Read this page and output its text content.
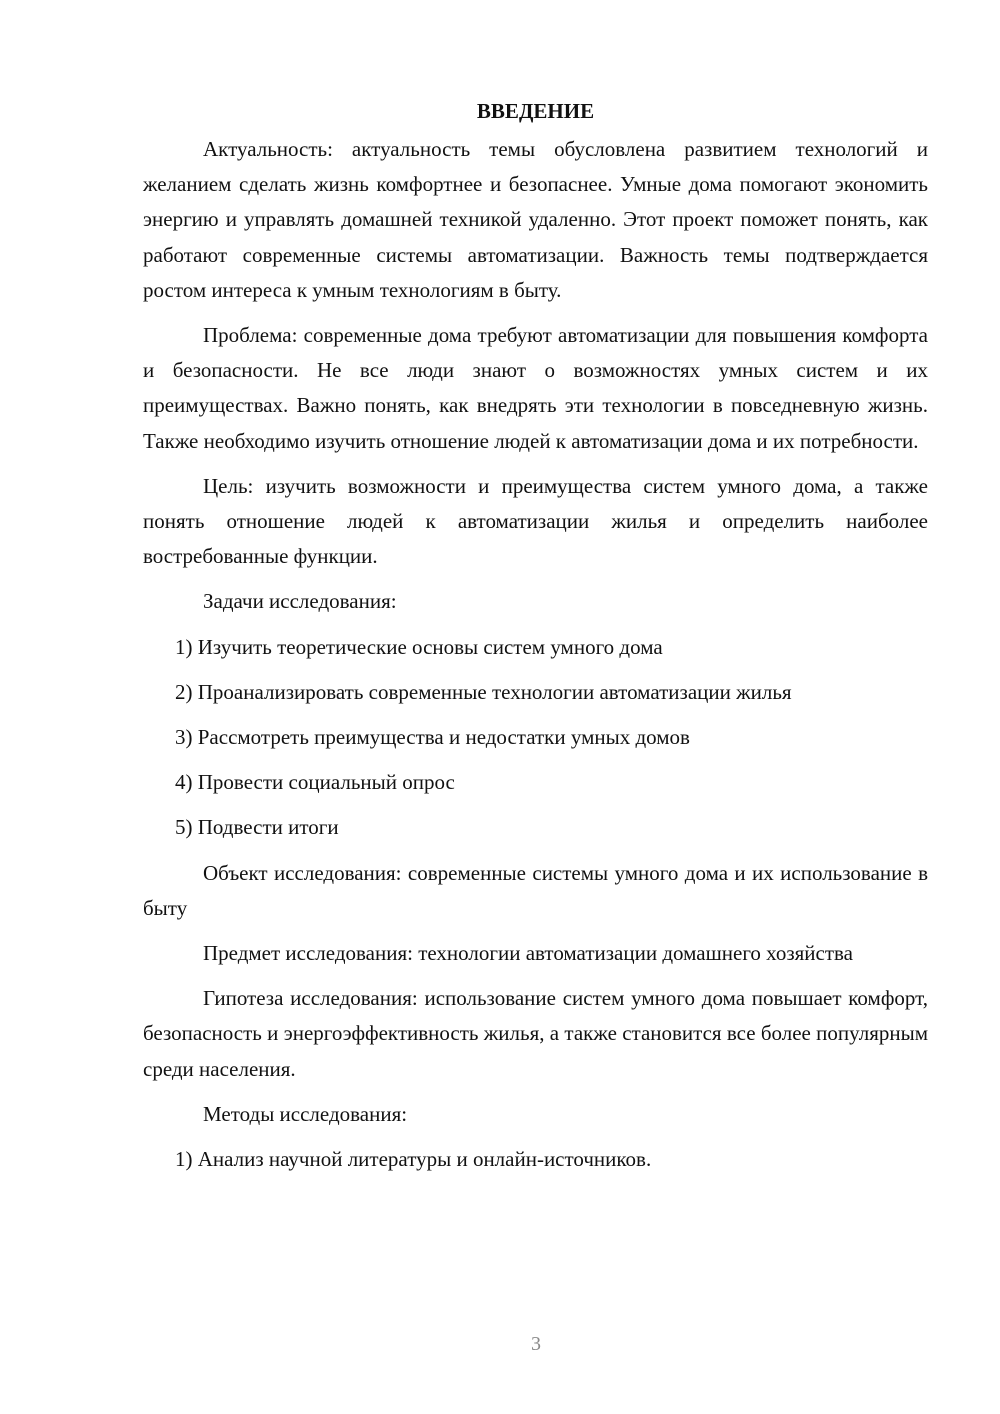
ВВЕДЕНИЕ

Актуальность: актуальность темы обусловлена развитием технологий и желанием сделать жизнь комфортнее и безопаснее. Умные дома помогают экономить энергию и управлять домашней техникой удаленно. Этот проект поможет понять, как работают современные системы автоматизации. Важность темы подтверждается ростом интереса к умным технологиям в быту.

Проблема: современные дома требуют автоматизации для повышения комфорта и безопасности. Не все люди знают о возможностях умных систем и их преимуществах. Важно понять, как внедрять эти технологии в повседневную жизнь. Также необходимо изучить отношение людей к автоматизации дома и их потребности.

Цель: изучить возможности и преимущества систем умного дома, а также понять отношение людей к автоматизации жилья и определить наиболее востребованные функции.

Задачи исследования:

1) Изучить теоретические основы систем умного дома

2) Проанализировать современные технологии автоматизации жилья

3) Рассмотреть преимущества и недостатки умных домов

4) Провести социальный опрос

5) Подвести итоги

Объект исследования: современные системы умного дома и их использование в быту

Предмет исследования: технологии автоматизации домашнего хозяйства

Гипотеза исследования: использование систем умного дома повышает комфорт, безопасность и энергоэффективность жилья, а также становится все более популярным среди населения.

Методы исследования:

1) Анализ научной литературы и онлайн-источников.

3
